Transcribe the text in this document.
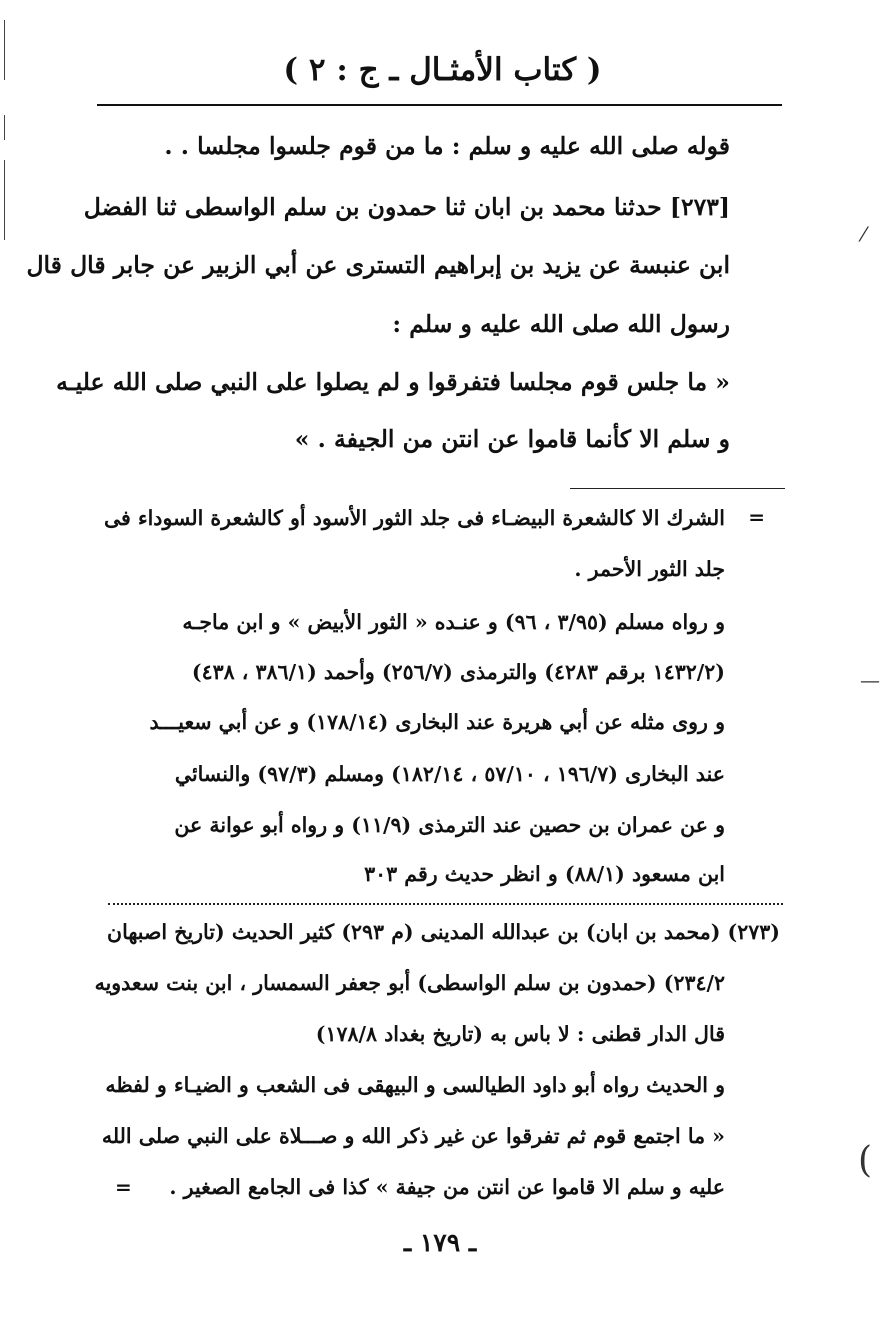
( كتاب الأمثـال ـ ج : ٢ )
قوله صلى الله عليه و سلم : ما من قوم جلسوا مجلسا . .
[٢٧٣] حدثنا محمد بن ابان ثنا حمدون بن سلم الواسطى ثنا الفضل
ابن عنبسة عن يزيد بن إبراهيم التسترى عن أبي الزبير عن جابر قال قال
رسول الله صلى الله عليه و سلم :
« ما جلس قوم مجلسا فتفرقوا و لم يصلوا على النبي صلى الله عليـه
و سلم الا كأنما قاموا عن انتن من الجيفة . »
=
الشرك الا كالشعرة البيضـاء فى جلد الثور الأسود أو كالشعرة السوداء فى
جلد الثور الأحمر .
و رواه مسلم (٣/٩٥ ، ٩٦) و عنـده « الثور الأبيض » و ابن ماجـه
(١٤٣٢/٢ برقم ٤٢٨٣) والترمذى (٢٥٦/٧) وأحمد (٣٨٦/١ ، ٤٣٨)
و روى مثله عن أبي هريرة عند البخارى (١٧٨/١٤) و عن أبي سعيـــد
عند البخارى (١٩٦/٧ ، ٥٧/١٠ ، ١٨٢/١٤) ومسلم (٩٧/٣) والنسائي
و عن عمران بن حصين عند الترمذى (١١/٩) و رواه أبو عوانة عن
ابن مسعود (٨٨/١) و انظر حديث رقم ٣٠٣
(٢٧٣) (محمد بن ابان) بن عبدالله المدينى (م ٢٩٣) كثير الحديث (تاريخ اصبهان
٢٣٤/٢) (حمدون بن سلم الواسطى) أبو جعفر السمسار ، ابن بنت سعدويه
قال الدار قطنى : لا باس به (تاريخ بغداد ١٧٨/٨)
و الحديث رواه أبو داود الطيالسى و البيهقى فى الشعب و الضيـاء و لفظه
« ما اجتمع قوم ثم تفرقوا عن غير ذكر الله و صـــلاة على النبي صلى الله
عليه و سلم الا قاموا عن انتن من جيفة » كذا فى الجامع الصغير .
=
ـ ١٧٩ ـ
⁄
—
(
